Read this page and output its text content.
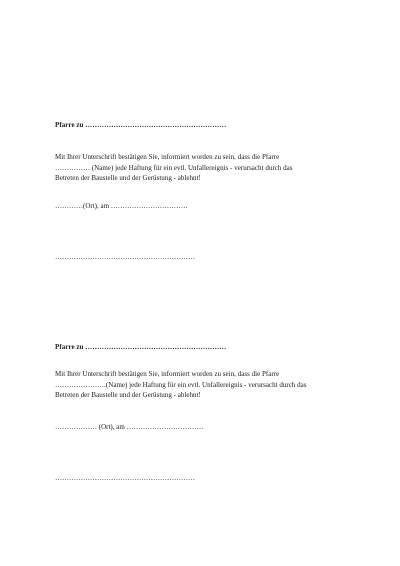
Pfarre zu ……………………………………………………
Mit Ihrer Unterschrift bestätigen Sie, informiert worden zu sein, dass die Pfarre
…………… (Name) jede Haftung für ein evtl. Unfallereignis - verursacht durch das
Betreten der Baustelle und der Gerüstung - ablehnt!
…………(Ort), am ……………………………
……………………………………………………
Pfarre zu ……………………………………………………
Mit Ihrer Unterschrift bestätigen Sie, informiert worden zu sein, dass die Pfarre
………………….(Name) jede Haftung für ein evtl. Unfallereignis - verursacht durch das
Betreten der Baustelle und der Gerüstung - ablehnt!
……………… (Ort), am ……………………………
……………………………………………………
